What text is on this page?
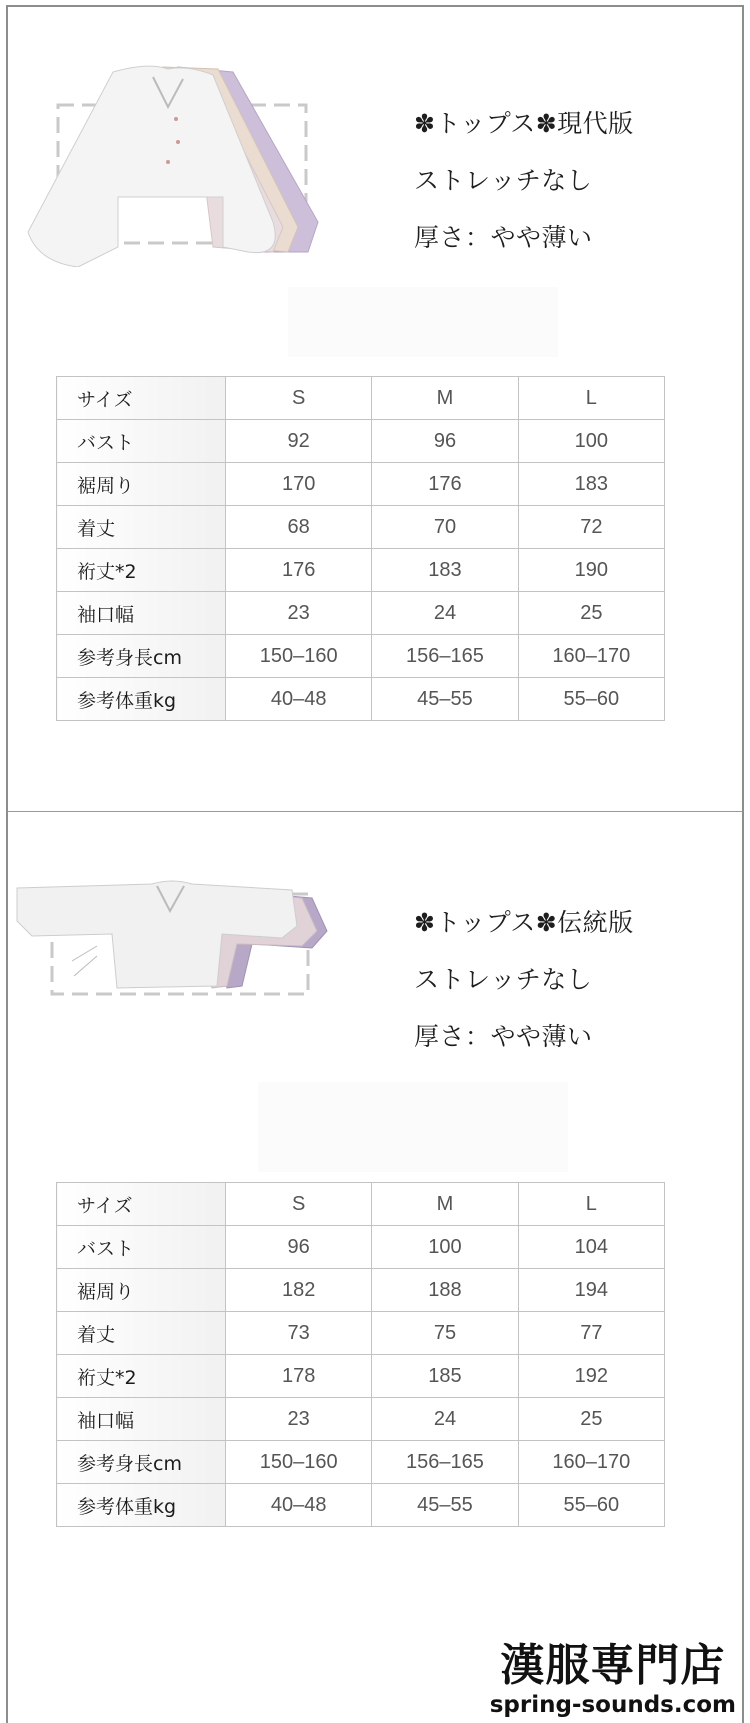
✽トップス✽現代版
ストレッチなし
厚さ：やや薄い
✽トップス✽伝統版
ストレッチなし
厚さ：やや薄い
サイズ	S	M	L
バスト	92	96	100
裾周り	170	176	183
着丈	68	70	72
裄丈*2	176	183	190
袖口幅	23	24	25
参考身長cm	150–160	156–165	160–170
参考体重kg	40–48	45–55	55–60
サイズ	S	M	L
バスト	96	100	104
裾周り	182	188	194
着丈	73	75	77
裄丈*2	178	185	192
袖口幅	23	24	25
参考身長cm	150–160	156–165	160–170
参考体重kg	40–48	45–55	55–60
漢服専門店
spring-sounds.com
